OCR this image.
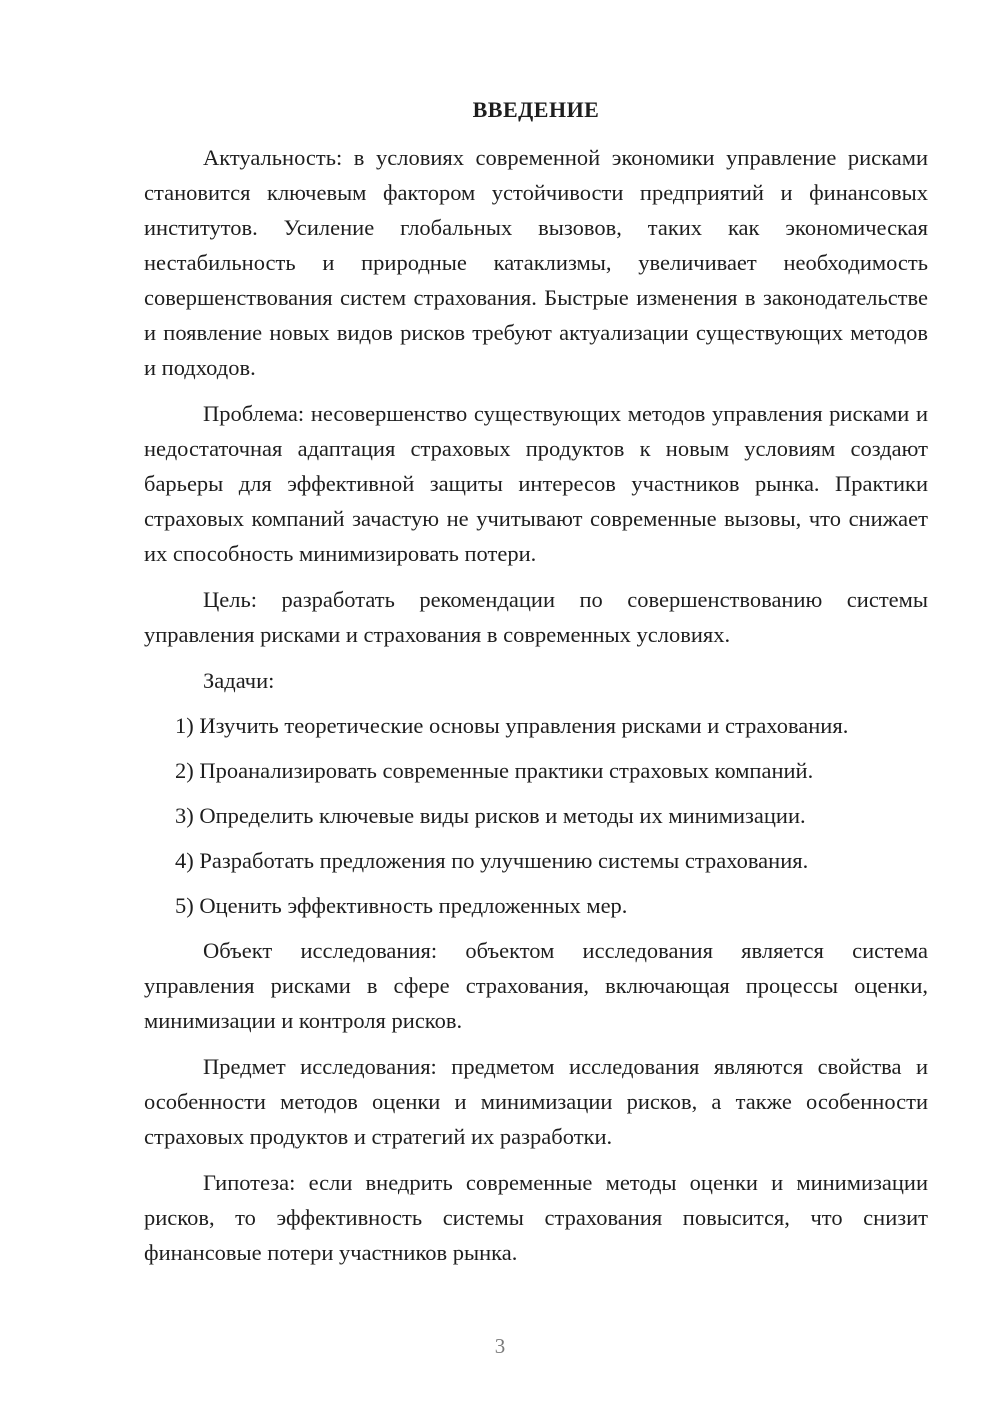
ВВЕДЕНИЕ

Актуальность: в условиях современной экономики управление рисками становится ключевым фактором устойчивости предприятий и финансовых институтов. Усиление глобальных вызовов, таких как экономическая нестабильность и природные катаклизмы, увеличивает необходимость совершенствования систем страхования. Быстрые изменения в законодательстве и появление новых видов рисков требуют актуализации существующих методов и подходов.

Проблема: несовершенство существующих методов управления рисками и недостаточная адаптация страховых продуктов к новым условиям создают барьеры для эффективной защиты интересов участников рынка. Практики страховых компаний зачастую не учитывают современные вызовы, что снижает их способность минимизировать потери.

Цель: разработать рекомендации по совершенствованию системы управления рисками и страхования в современных условиях.

Задачи:

1) Изучить теоретические основы управления рисками и страхования.
2) Проанализировать современные практики страховых компаний.
3) Определить ключевые виды рисков и методы их минимизации.
4) Разработать предложения по улучшению системы страхования.
5) Оценить эффективность предложенных мер.

Объект исследования: объектом исследования является система управления рисками в сфере страхования, включающая процессы оценки, минимизации и контроля рисков.

Предмет исследования: предметом исследования являются свойства и особенности методов оценки и минимизации рисков, а также особенности страховых продуктов и стратегий их разработки.

Гипотеза: если внедрить современные методы оценки и минимизации рисков, то эффективность системы страхования повысится, что снизит финансовые потери участников рынка.

3
